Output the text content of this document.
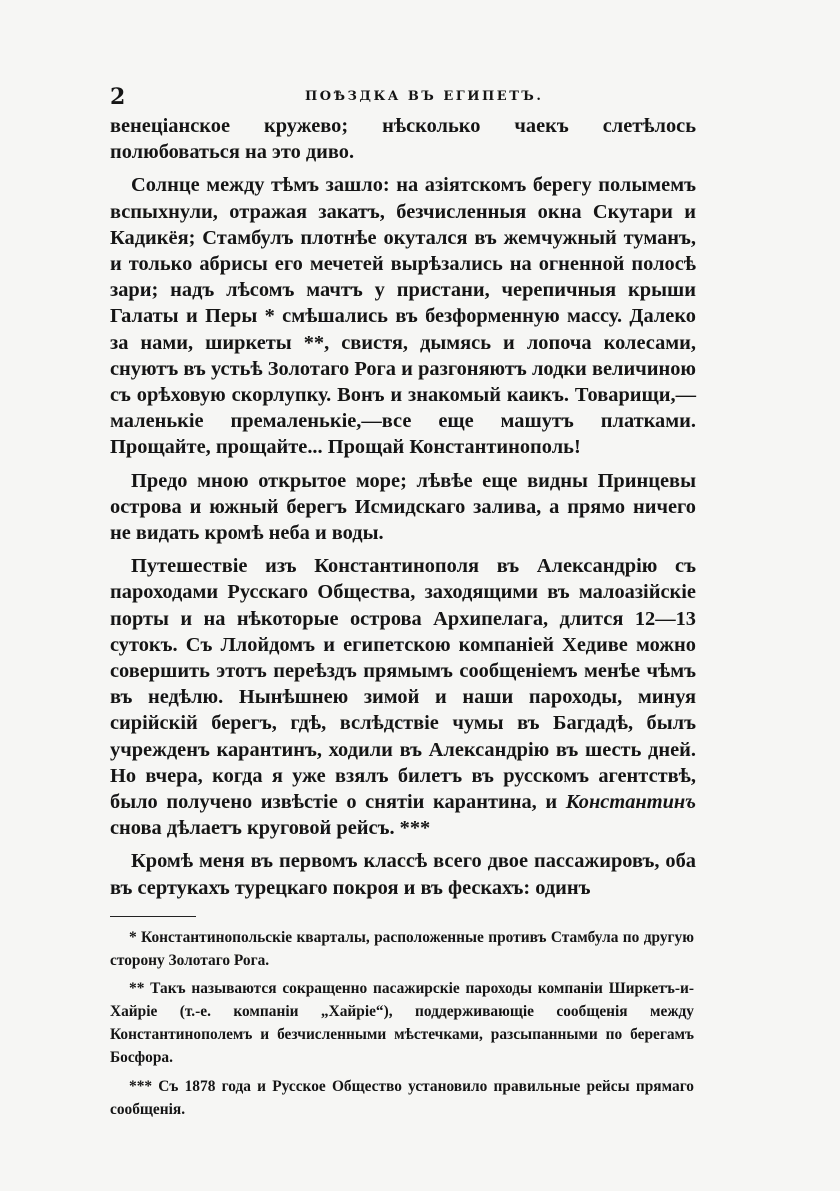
2	ПОѢЗДКА ВЪ ЕГИПЕТЪ.

венеціанское кружево; нѣсколько чаекъ слетѣлось полюбоваться на это диво.

Солнце между тѣмъ зашло: на азіятскомъ берегу полымемъ вспыхнули, отражая закатъ, безчисленныя окна Скутари и Кадикёя; Стамбулъ плотнѣе окутался въ жемчужный туманъ, и только абрисы его мечетей вырѣзались на огненной полосѣ зари; надъ лѣсомъ мачтъ у пристани, черепичныя крыши Галаты и Перы * смѣшались въ безформенную массу. Далеко за нами, ширкеты **, свистя, дымясь и лопоча колесами, снуютъ въ устьѣ Золотаго Рога и разгоняютъ лодки величиною съ орѣховую скорлупку. Вонъ и знакомый каикъ. Товарищи,—маленькіе премаленькіе,—все еще машутъ платками. Прощайте, прощайте... Прощай Константинополь!

Предо мною открытое море; лѣвѣе еще видны Принцевы острова и южный берегъ Исмидскаго залива, а прямо ничего не видать кромѣ неба и воды.

Путешествіе изъ Константинополя въ Александрію съ пароходами Русскаго Общества, заходящими въ малоазійскіе порты и на нѣкоторые острова Архипелага, длится 12—13 сутокъ. Съ Ллойдомъ и египетскою компаніей Хедиве можно совершить этотъ переѣздъ прямымъ сообщеніемъ менѣе чѣмъ въ недѣлю. Нынѣшнею зимой и наши пароходы, минуя сирійскій берегъ, гдѣ, вслѣдствіе чумы въ Багдадѣ, былъ учрежденъ карантинъ, ходили въ Александрію въ шесть дней. Но вчера, когда я уже взялъ билетъ въ русскомъ агентствѣ, было получено извѣстіе о снятіи карантина, и Константинъ снова дѣлаетъ круговой рейсъ. ***

Кромѣ меня въ первомъ классѣ всего двое пассажировъ, оба въ сертукахъ турецкаго покроя и въ фескахъ: одинъ

* Константинопольскіе кварталы, расположенные противъ Стамбула по другую сторону Золотаго Рога.

** Такъ называются сокращенно пасажирскіе пароходы компаніи Ширкетъ-и-Хайріе (т.-е. компаніи „Хайріе“), поддерживающіе сообщенія между Константинополемъ и безчисленными мѣстечками, разсыпанными по берегамъ Босфора.

*** Съ 1878 года и Русское Общество установило правильные рейсы прямаго сообщенія.
